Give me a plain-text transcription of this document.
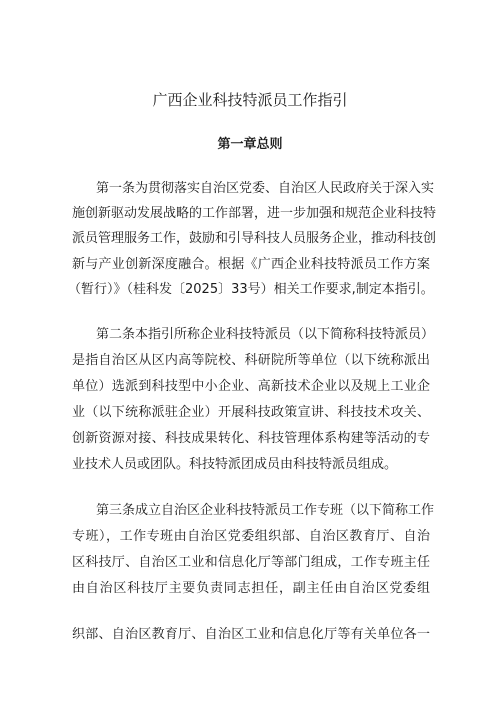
广西企业科技特派员工作指引
第一章总则

第一条为贯彻落实自治区党委、自治区人民政府关于深入实

施创新驱动发展战略的工作部署，进一步加强和规范企业科技特

派员管理服务工作，鼓励和引导科技人员服务企业，推动科技创

新与产业创新深度融合。根据《广西企业科技特派员工作方案

（暂行）》（桂科发〔2025〕33号）相关工作要求,制定本指引。

第二条本指引所称企业科技特派员（以下简称科技特派员）

是指自治区从区内高等院校、科研院所等单位（以下统称派出

单位）选派到科技型中小企业、高新技术企业以及规上工业企

业（以下统称派驻企业）开展科技政策宣讲、科技技术攻关、

创新资源对接、科技成果转化、科技管理体系构建等活动的专

业技术人员或团队。科技特派团成员由科技特派员组成。

第三条成立自治区企业科技特派员工作专班（以下简称工作

专班），工作专班由自治区党委组织部、自治区教育厅、自治

区科技厅、自治区工业和信息化厅等部门组成，工作专班主任

由自治区科技厅主要负责同志担任，副主任由自治区党委组

织部、自治区教育厅、自治区工业和信息化厅等有关单位各一
